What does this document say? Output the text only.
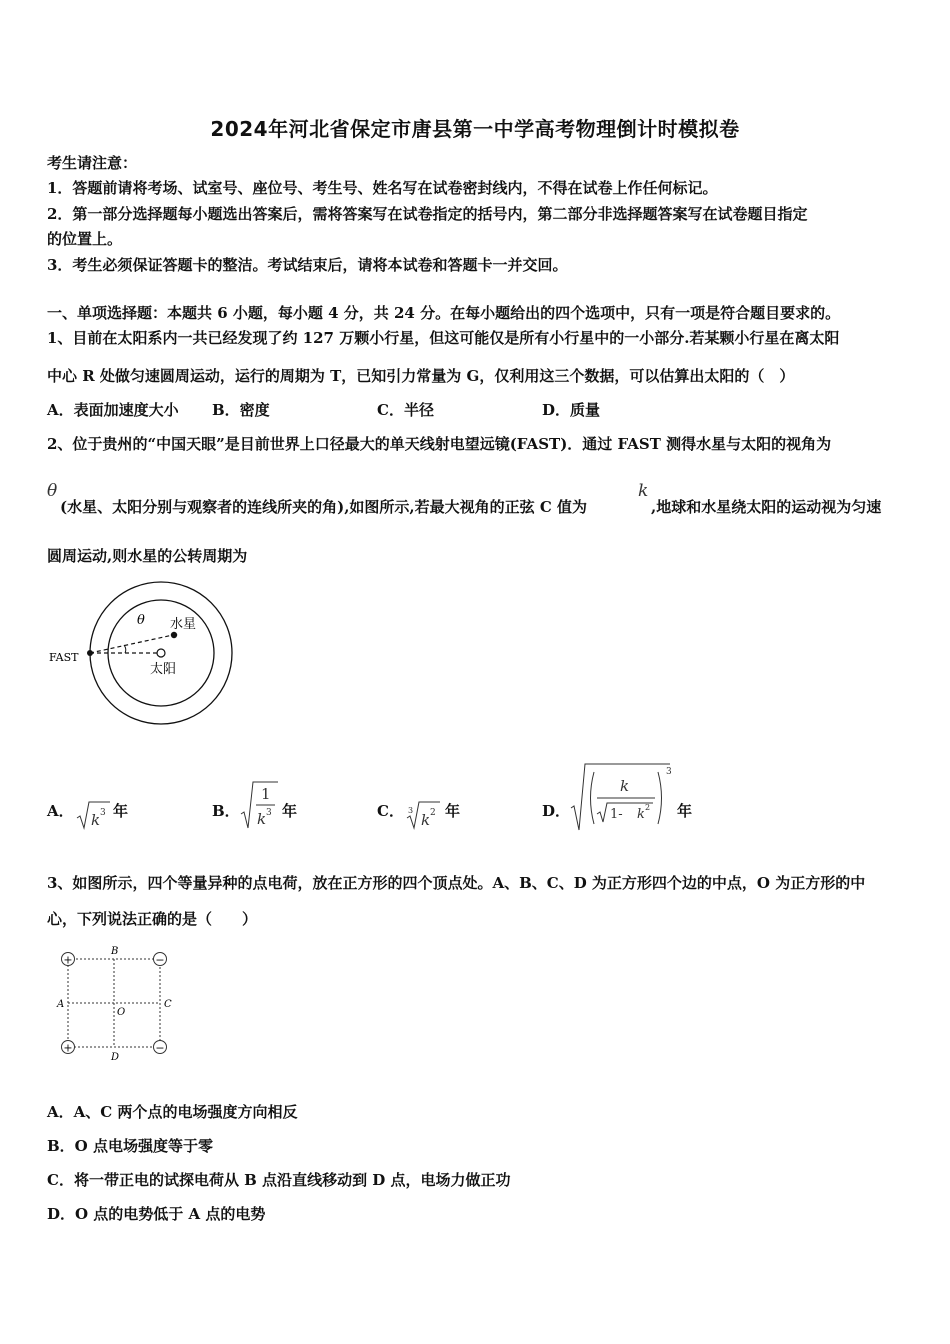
2024年河北省保定市唐县第一中学高考物理倒计时模拟卷
考生请注意：
1．答题前请将考场、试室号、座位号、考生号、姓名写在试卷密封线内，不得在试卷上作任何标记。
2．第一部分选择题每小题选出答案后，需将答案写在试卷指定的括号内，第二部分非选择题答案写在试卷题目指定
的位置上。
3．考生必须保证答题卡的整洁。考试结束后，请将本试卷和答题卡一并交回。
一、单项选择题：本题共 6 小题，每小题 4 分，共 24 分。在每小题给出的四个选项中，只有一项是符合题目要求的。
1、目前在太阳系内一共已经发现了约 127 万颗小行星，但这可能仅是所有小行星中的一小部分.若某颗小行星在离太阳
中心 R 处做匀速圆周运动，运行的周期为 T，已知引力常量为 G，仅利用这三个数据，可以估算出太阳的（　）
A．表面加速度大小 B．密度	C．半径	D．质量
2、位于贵州的“中国天眼”是目前世界上口径最大的单天线射电望远镜(FAST)．通过 FAST 测得水星与太阳的视角为
θ
(水星、太阳分别与观察者的连线所夹的角),如图所示,若最大视角的正弦 C 值为
k
,地球和水星绕太阳的运动视为匀速
圆周运动,则水星的公转周期为
FAST
θ 水星
太阳
A． k 3 年	B．
1
k 3 年	C． 3
k 2 年	D．
3
k
1- k 2 年
3、如图所示，四个等量异种的点电荷，放在正方形的四个顶点处。A、B、C、D 为正方形四个边的中点，O 为正方形的中
心，下列说法正确的是（　　）
+	−
+	−
B
A	C
D
O
A．A、C 两个点的电场强度方向相反
B．O 点电场强度等于零
C．将一带正电的试探电荷从 B 点沿直线移动到 D 点，电场力做正功
D．O 点的电势低于 A 点的电势
